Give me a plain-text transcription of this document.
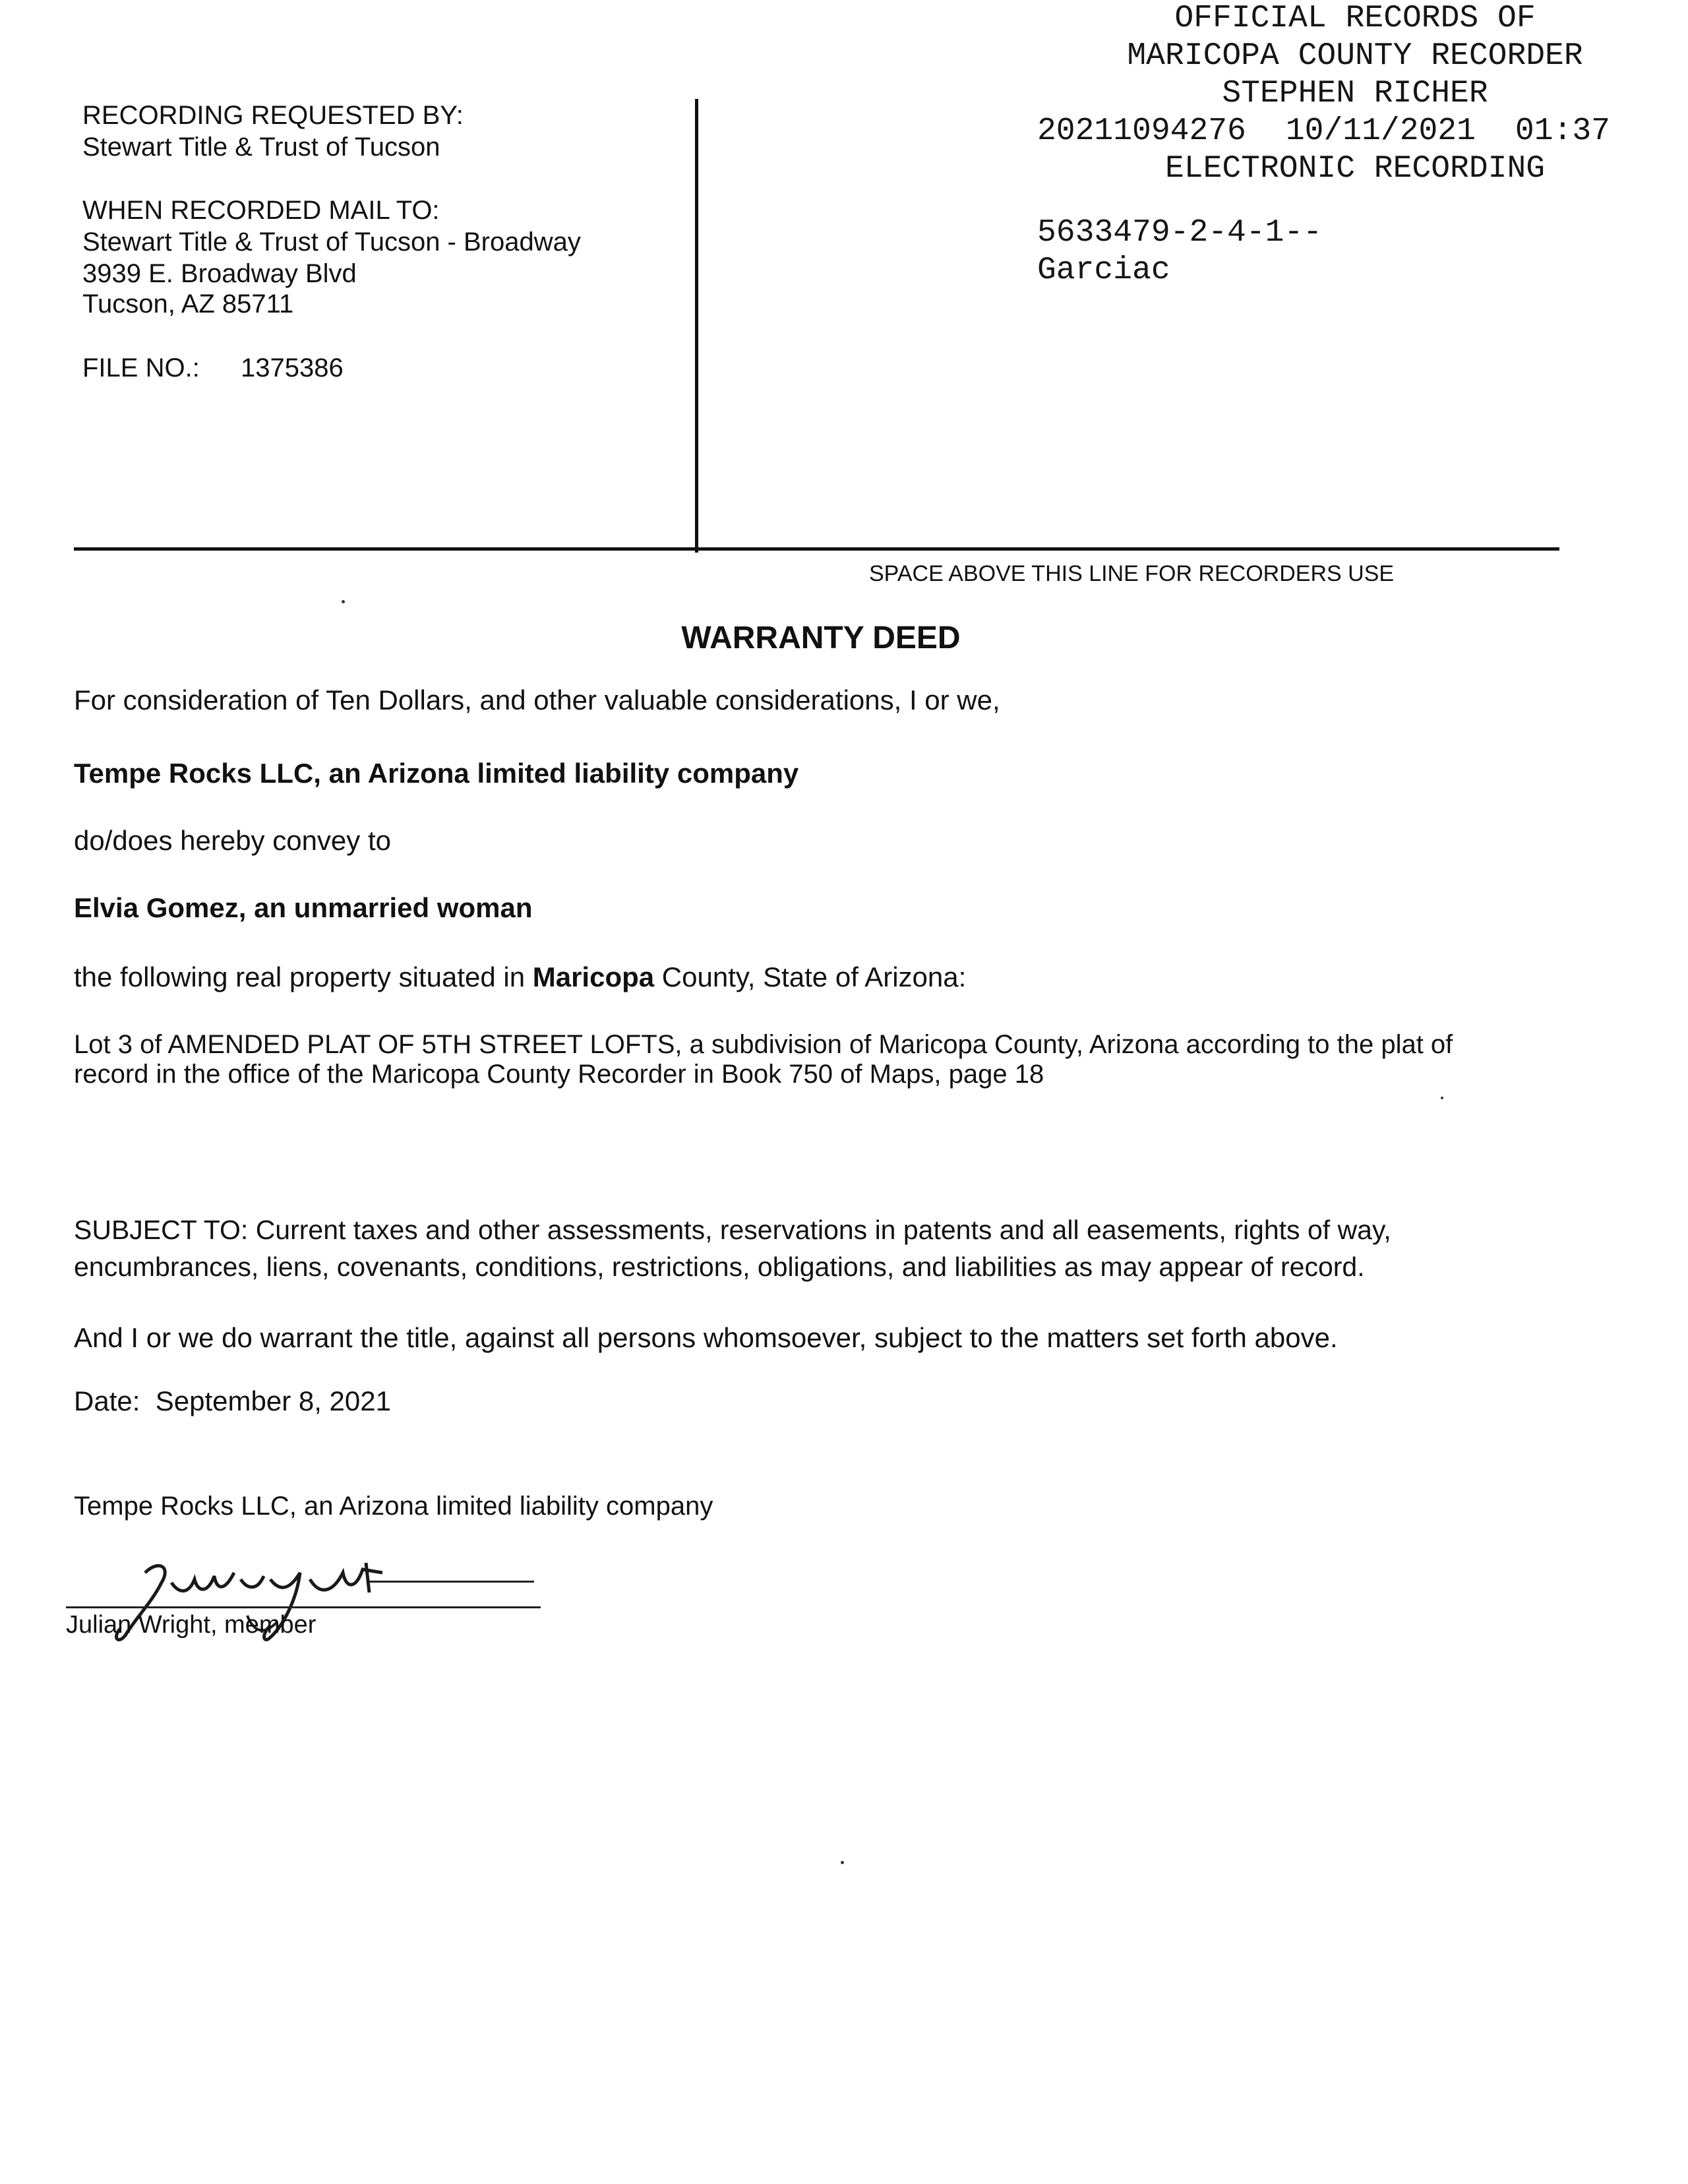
RECORDING REQUESTED BY:
Stewart Title & Trust of Tucson
WHEN RECORDED MAIL TO:
Stewart Title & Trust of Tucson - Broadway
3939 E. Broadway Blvd
Tucson, AZ 85711
FILE NO.: 1375386
OFFICIAL RECORDS OF
MARICOPA COUNTY RECORDER
STEPHEN RICHER
20211094276 10/11/2021 01:37
ELECTRONIC RECORDING
5633479-2-4-1--
Garciac
SPACE ABOVE THIS LINE FOR RECORDERS USE
WARRANTY DEED
For consideration of Ten Dollars, and other valuable considerations, I or we,
Tempe Rocks LLC, an Arizona limited liability company
do/does hereby convey to
Elvia Gomez, an unmarried woman
the following real property situated in Maricopa County, State of Arizona:
Lot 3 of AMENDED PLAT OF 5TH STREET LOFTS, a subdivision of Maricopa County, Arizona according to the plat of
record in the office of the Maricopa County Recorder in Book 750 of Maps, page 18
SUBJECT TO: Current taxes and other assessments, reservations in patents and all easements, rights of way,
encumbrances, liens, covenants, conditions, restrictions, obligations, and liabilities as may appear of record.
And I or we do warrant the title, against all persons whomsoever, subject to the matters set forth above.
Date: September 8, 2021
Tempe Rocks LLC, an Arizona limited liability company
Julian Wright, member
